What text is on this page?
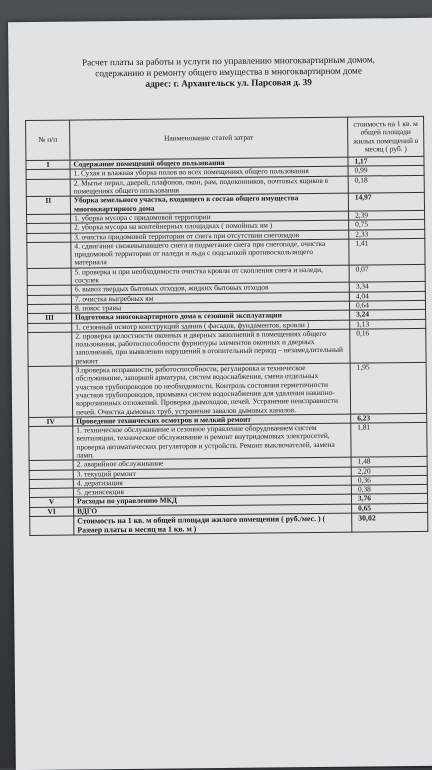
Расчет платы за работы и услуги по управлению многоквартирным домом,
содержанию и ремонту общего имущества в многоквартирном доме
адрес: г. Архангельск ул. Парсовая д. 39
№ п/п	Наименование статей затрат	стоимость на 1 кв. м общей площади жилых помещений в месяц ( руб. )
I	Содержание помещений общего пользования	1,17
	1. Сухая и влажная уборка полов во всех помещениях общего пользования	0,99
	2. Мытье перил, дверей, плафонов, окон, рам, подоконников, почтовых ящиков в помещениях общего пользования	0,18
II	Уборка земельного участка, входящего в состав общего имущества многоквартирного дома	14,97
	1. уборка мусора с придомовой территории	2,39
	2. уборка мусора на контейнерных площадках ( помойных ям )	0,75
	3. очистка придомовой территории от снега при отсутствии снегопадов	2,33
	4. сдвигание свежевыпавшего снега и подметание снега при снегопаде, очистка придомовой территории от наледи и льда с подсыпкой противоскользящего материала	1,41
	5. проверка и при необходимости очистка кровли от скопления снега и наледи, сосулек	0,07
	6. вывоз твердых бытовых отходов, жидких бытовых отходов	3,34
	7. очистка выгребных ям	4,04
	8. покос травы	0,64
III	Подготовка многоквартирного дома к сезонной эксплуатации	3,24
	1. сезонный осмотр конструкций здания ( фасадов, фундаментов, кровли )	1,13
	2. проверка целостности оконных и дверных заполнений в помещениях общего пользования, работоспособности фурнитуры элементов оконных и дверных заполнений, при выявлении нарушений в отопительный период – незамедлительный ремонт	0,16
	3.проверка исправности, работоспособности, регулировка и техническое обслуживание, запорной арматуры, систем водоснабжения, смена отдельных участков трубопроводов по необходимости. Контроль состояния герметичности участков трубопроводов, промывка систем водоснабжения для удаления накипно-коррозионных отложений. Проверка дымоходов, печей. Устранение неисправности печей. Очистка дымовых труб, устранение завалов дымовых каналов.	1,95
IV	Проведение технических осмотров и мелкий ремонт	6,23
	1. техническое обслуживание и сезонное управление оборудованием систем вентиляции, техническое обслуживание и ремонт внутридомовых электросетей, проверка автоматических регуляторов и устройств. Ремонт выключателей, замена ламп.	1,81
	2. аварийное обслуживание	1,48
	3. текущий ремонт	2,20
	4. дератизация	0,36
	5. дезинсекция	0,38
V	Расходы по управлению МКД	3,76
VI	ВДГО	0,65
	Стоимость на 1 кв. м общей площади жилого помещения ( руб./мес. ) ( Размер платы в месяц на 1 кв. м )	30,02
